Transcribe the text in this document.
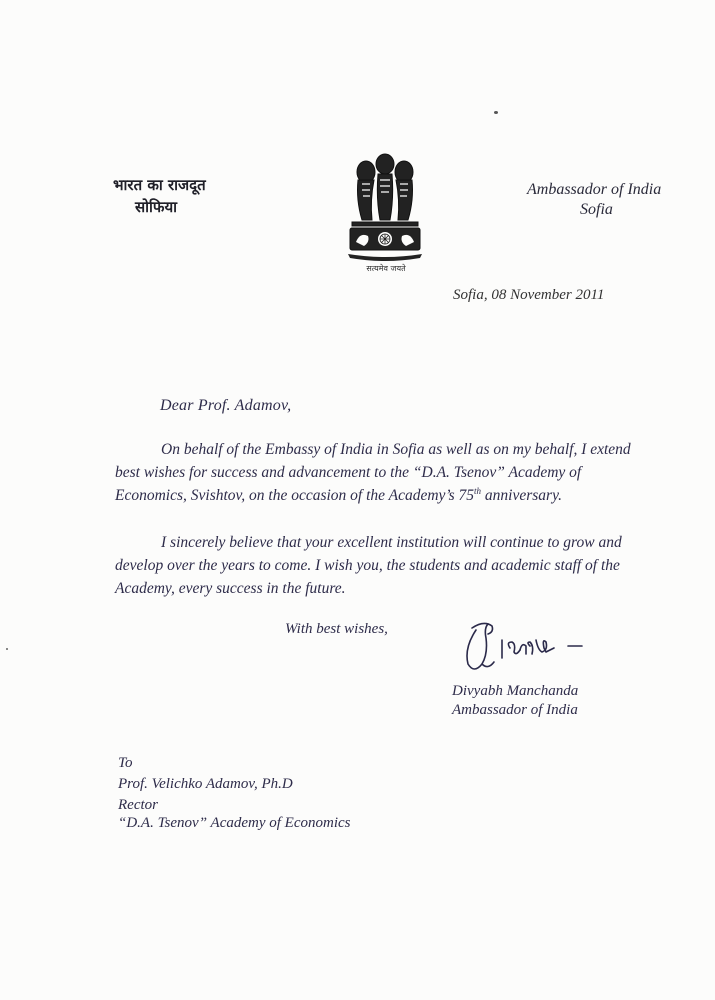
भारत का राजदूत
सोफिया
सत्यमेव जयते
Ambassador of India
Sofia
Sofia, 08 November 2011
Dear Prof. Adamov,
On behalf of the Embassy of India in Sofia as well as on my behalf, I extend best wishes for success and advancement to the “D.A. Tsenov” Academy of Economics, Svishtov, on the occasion of the Academy’s 75th anniversary.
I sincerely believe that your excellent institution will continue to grow and develop over the years to come. I wish you, the students and academic staff of the Academy, every success in the future.
With best wishes,
Divyabh Manchanda
Ambassador of India
To
Prof. Velichko Adamov, Ph.D
Rector
“D.A. Tsenov” Academy of Economics
